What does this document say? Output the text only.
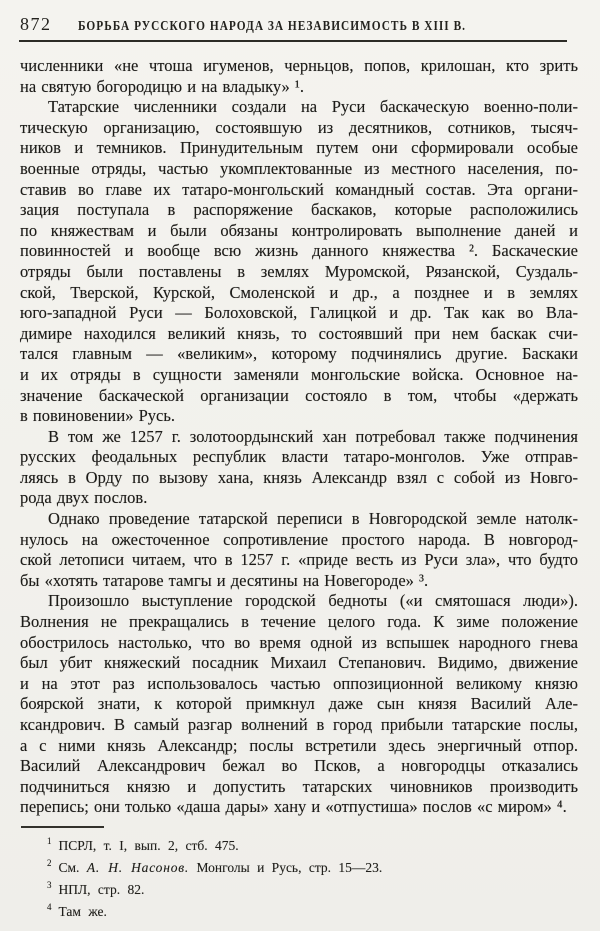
872 БОРЬБА РУССКОГО НАРОДА ЗА НЕЗАВИСИМОСТЬ В XIII В.
численники «не чтоша игуменов, черньцов, попов, крилошан, кто зрить
на святую богородицю и на владыку» ¹.
Татарские численники создали на Руси баскаческую военно-поли-
тическую организацию, состоявшую из десятников, сотников, тысяч-
ников и темников. Принудительным путем они сформировали особые
военные отряды, частью укомплектованные из местного населения, по-
ставив во главе их татаро-монгольский командный состав. Эта органи-
зация поступала в распоряжение баскаков, которые расположились
по княжествам и были обязаны контролировать выполнение даней и
повинностей и вообще всю жизнь данного княжества ². Баскаческие
отряды были поставлены в землях Муромской, Рязанской, Суздаль-
ской, Тверской, Курской, Смоленской и др., а позднее и в землях
юго-западной Руси — Болоховской, Галицкой и др. Так как во Вла-
димире находился великий князь, то состоявший при нем баскак счи-
тался главным — «великим», которому подчинялись другие. Баскаки
и их отряды в сущности заменяли монгольские войска. Основное на-
значение баскаческой организации состояло в том, чтобы «держать
в повиновении» Русь.
В том же 1257 г. золотоордынский хан потребовал также подчинения
русских феодальных республик власти татаро-монголов. Уже отправ-
ляясь в Орду по вызову хана, князь Александр взял с собой из Новго-
рода двух послов.
Однако проведение татарской переписи в Новгородской земле натолк-
нулось на ожесточенное сопротивление простого народа. В новгород-
ской летописи читаем, что в 1257 г. «приде весть из Руси зла», что будто
бы «хотять татарове тамгы и десятины на Новегороде» ³.
Произошло выступление городской бедноты («и смятошася люди»).
Волнения не прекращались в течение целого года. К зиме положение
обострилось настолько, что во время одной из вспышек народного гнева
был убит княжеский посадник Михаил Степанович. Видимо, движение
и на этот раз использовалось частью оппозиционной великому князю
боярской знати, к которой примкнул даже сын князя Василий Але-
ксандрович. В самый разгар волнений в город прибыли татарские послы,
а с ними князь Александр; послы встретили здесь энергичный отпор.
Василий Александрович бежал во Псков, а новгородцы отказались
подчиниться князю и допустить татарских чиновников производить
перепись; они только «даша дары» хану и «отпустиша» послов «с миром» ⁴.
$^1$ ПСРЛ, т. I, вып. 2, стб. 475.
$^2$ См. А. Н. Насонов. Монголы и Русь, стр. 15—23.
$^3$ НПЛ, стр. 82.
$^4$ Там же.
